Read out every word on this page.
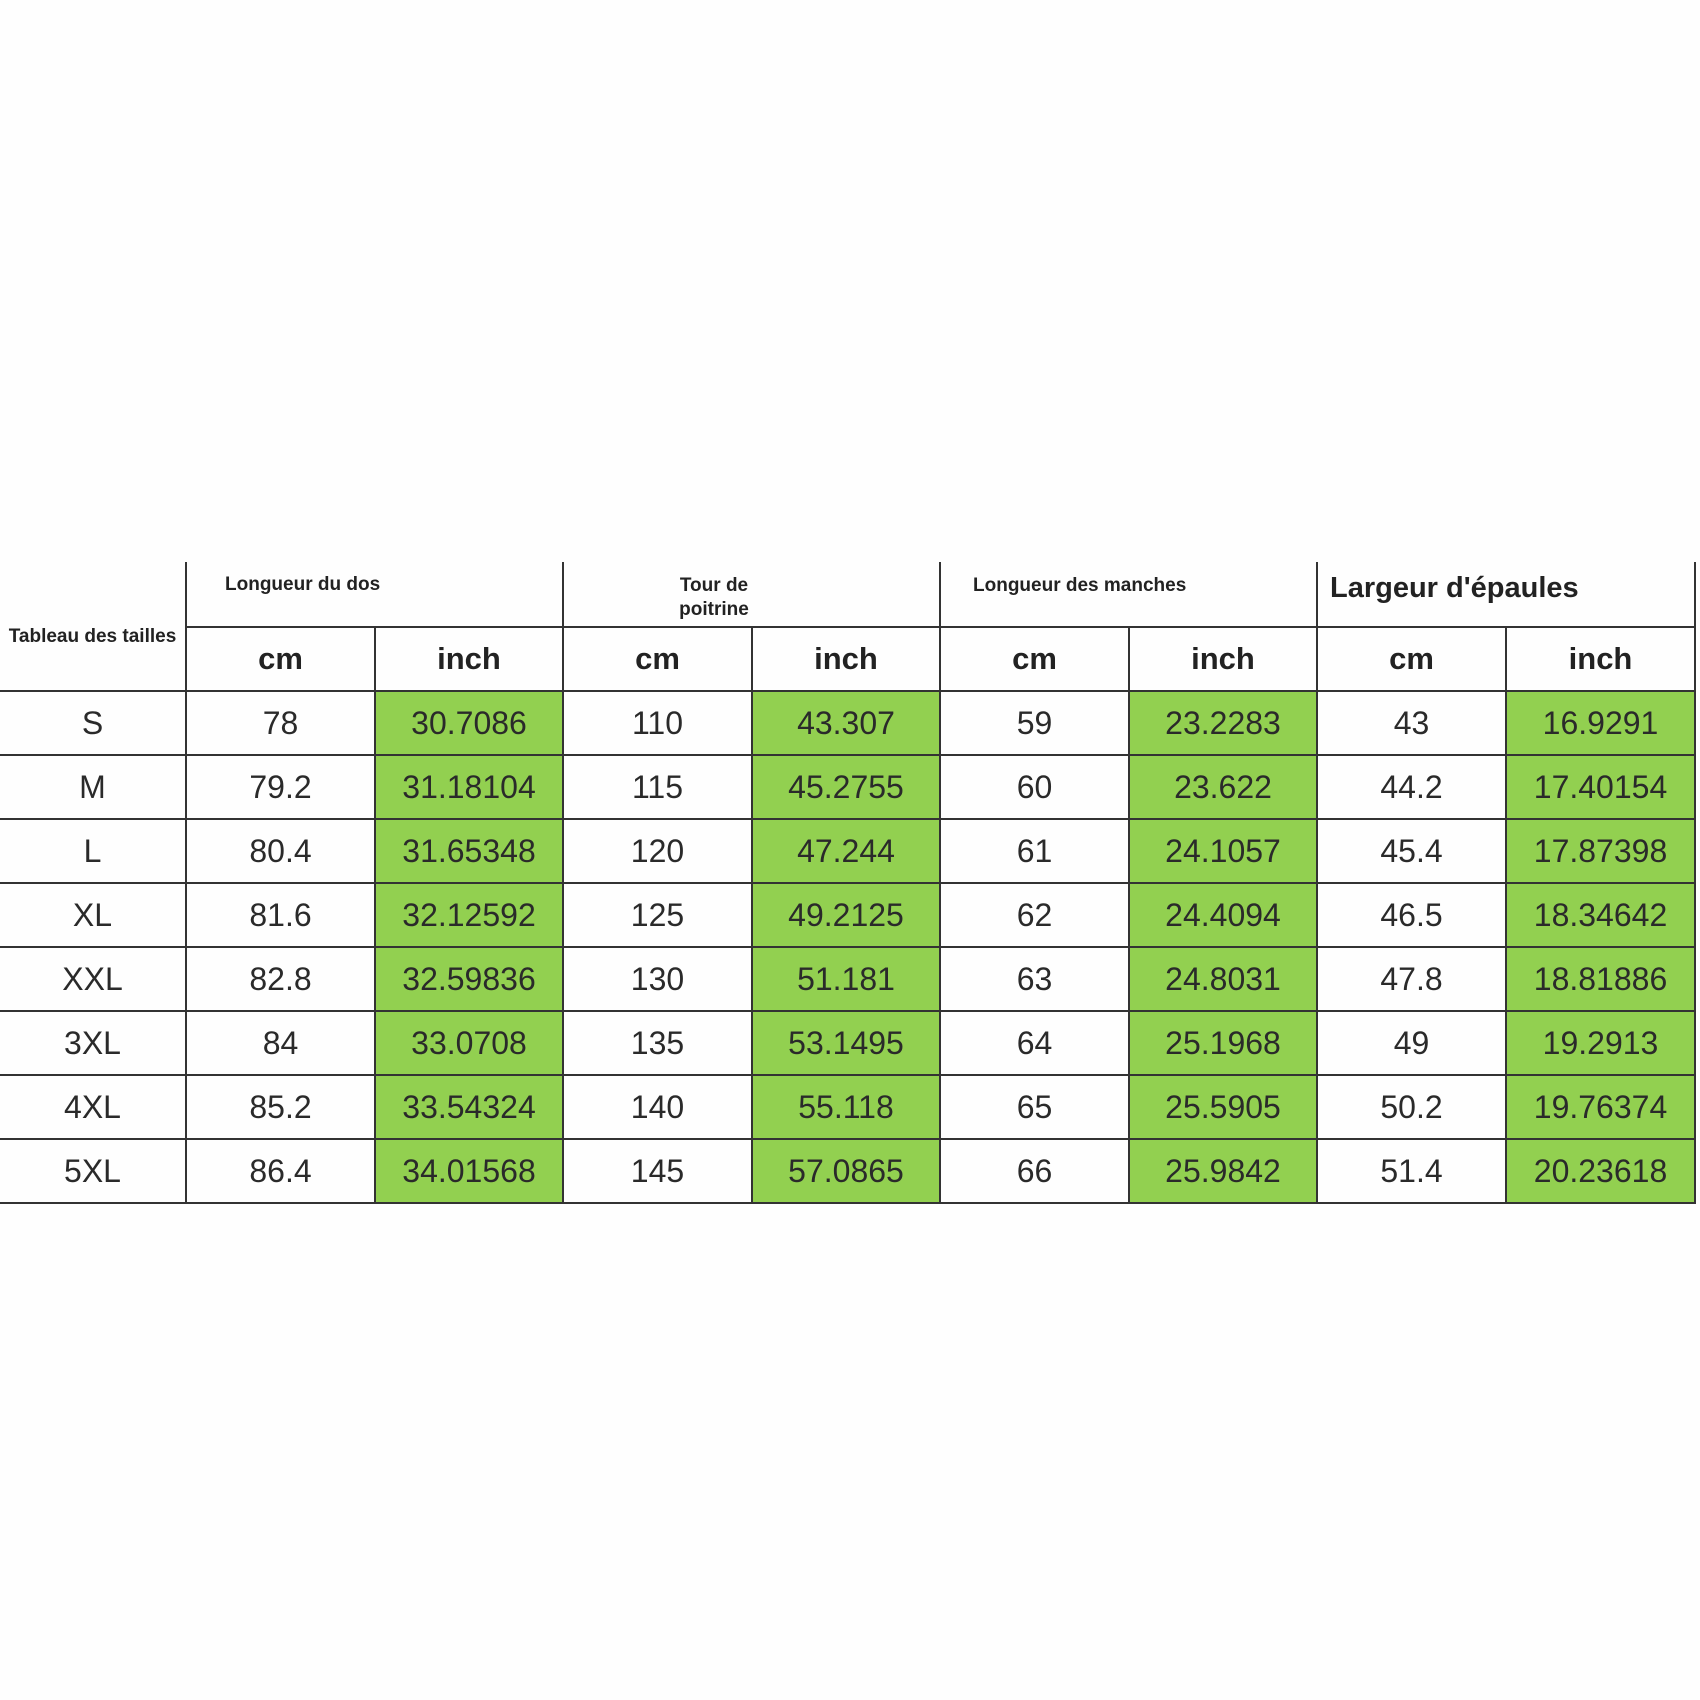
Tableau des tailles	Longueur du dos		Tour de poitrine		Longueur des manches		Largeur d'épaules	

	cm	inch	cm	inch	cm	inch	cm	inch
S	78	30.7086	110	43.307	59	23.2283	43	16.9291
M	79.2	31.18104	115	45.2755	60	23.622	44.2	17.40154
L	80.4	31.65348	120	47.244	61	24.1057	45.4	17.87398
XL	81.6	32.12592	125	49.2125	62	24.4094	46.5	18.34642
XXL	82.8	32.59836	130	51.181	63	24.8031	47.8	18.81886
3XL	84	33.0708	135	53.1495	64	25.1968	49	19.2913
4XL	85.2	33.54324	140	55.118	65	25.5905	50.2	19.76374
5XL	86.4	34.01568	145	57.0865	66	25.9842	51.4	20.23618
